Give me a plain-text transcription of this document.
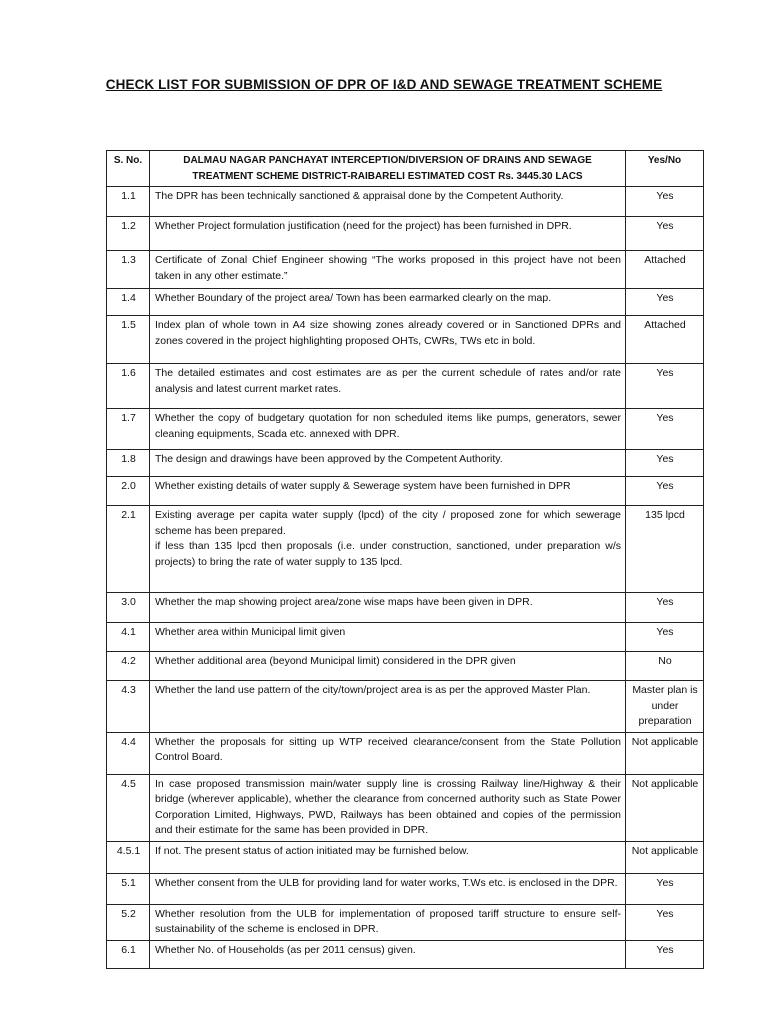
CHECK LIST FOR SUBMISSION OF DPR OF I&D AND SEWAGE TREATMENT SCHEME
S. No.	DALMAU NAGAR PANCHAYAT INTERCEPTION/DIVERSION OF DRAINS AND SEWAGE TREATMENT SCHEME DISTRICT-RAIBARELI ESTIMATED COST Rs. 3445.30 LACS	Yes/No

1.1	The DPR has been technically sanctioned & appraisal done by the Competent Authority.	Yes

1.2	Whether Project formulation justification (need for the project) has been furnished in DPR.	Yes

1.3	Certificate of Zonal Chief Engineer showing “The works proposed in this project have not been taken in any other estimate.”	Attached

1.4	Whether Boundary of the project area/ Town has been earmarked clearly on the map.	Yes

1.5	Index plan of whole town in A4 size showing zones already covered or in Sanctioned DPRs and zones covered in the project highlighting proposed OHTs, CWRs, TWs etc in bold.	Attached

1.6	The detailed estimates and cost estimates are as per the current schedule of rates and/or rate analysis and latest current market rates.	Yes

1.7	Whether the copy of budgetary quotation for non scheduled items like pumps, generators, sewer cleaning equipments, Scada etc. annexed with DPR.	Yes

1.8	The design and drawings have been approved by the Competent Authority.	Yes

2.0	Whether existing details of water supply & Sewerage system have been furnished in DPR	Yes

2.1	Existing average per capita water supply (lpcd) of the city / proposed zone for which sewerage scheme has been prepared.
if less than 135 lpcd then proposals (i.e. under construction, sanctioned, under preparation w/s projects) to bring the rate of water supply to 135 lpcd.	135 lpcd

3.0	Whether the map showing project area/zone wise maps have been given in DPR.	Yes

4.1	Whether area within Municipal limit given	Yes

4.2	Whether additional area (beyond Municipal limit) considered in the DPR given	No

4.3	Whether the land use pattern of the city/town/project area is as per the approved Master Plan.	Master plan is under preparation

4.4	Whether the proposals for sitting up WTP received clearance/consent from the State Pollution Control Board.	Not applicable

4.5	In case proposed transmission main/water supply line is crossing Railway line/Highway & their bridge (wherever applicable), whether the clearance from concerned authority such as State Power Corporation Limited, Highways, PWD, Railways has been obtained and copies of the permission and their estimate for the same has been provided in DPR.	Not applicable

4.5.1	If not. The present status of action initiated may be furnished below.	Not applicable

5.1	Whether consent from the ULB for providing land for water works, T.Ws etc. is enclosed in the DPR.	Yes

5.2	Whether resolution from the ULB for implementation of proposed tariff structure to ensure self-sustainability of the scheme is enclosed in DPR.	Yes

6.1	Whether No. of Households (as per 2011 census) given.	Yes
